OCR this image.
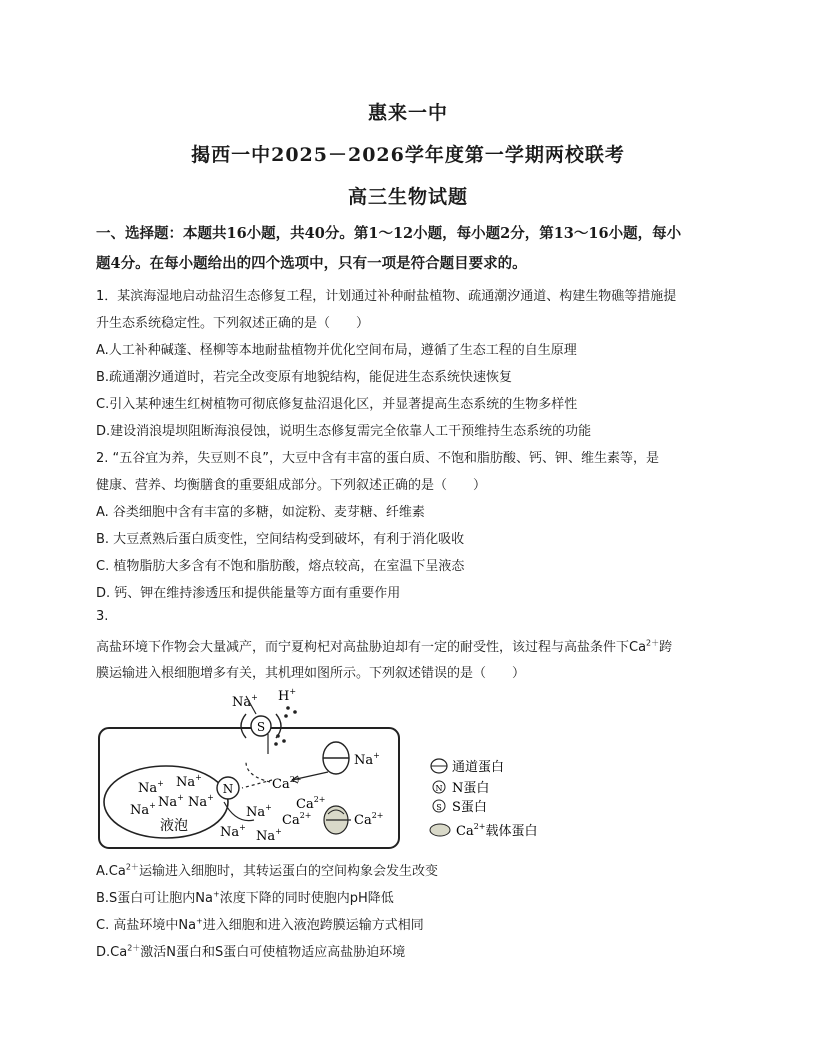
惠来一中
揭西一中2025－2026学年度第一学期两校联考
高三生物试题
一、选择题：本题共16小题，共40分。第1～12小题，每小题2分，第13～16小题，每小
题4分。在每小题给出的四个选项中，只有一项是符合题目要求的。
1．某滨海湿地启动盐沼生态修复工程，计划通过补种耐盐植物、疏通潮汐通道、构建生物礁等措施提
升生态系统稳定性。下列叙述正确的是（　　）
A.人工补种碱蓬、柽柳等本地耐盐植物并优化空间布局，遵循了生态工程的自生原理
B.疏通潮汐通道时，若完全改变原有地貌结构，能促进生态系统快速恢复
C.引入某种速生红树植物可彻底修复盐沼退化区，并显著提高生态系统的生物多样性
D.建设消浪堤坝阻断海浪侵蚀，说明生态修复需完全依靠人工干预维持生态系统的功能
2. “五谷宜为养，失豆则不良”，大豆中含有丰富的蛋白质、不饱和脂肪酸、钙、钾、维生素等，是
健康、营养、均衡膳食的重要組成部分。下列叙述正确的是（　　）
A. 谷类细胞中含有丰富的多糖，如淀粉、麦芽糖、纤维素
B. 大豆煮熟后蛋白质变性，空间结构受到破坏，有利于消化吸收
C. 植物脂肪大多含有不饱和脂肪酸，熔点较高，在室温下呈液态
D. 钙、钾在维持渗透压和提供能量等方面有重要作用
3.
高盐环境下作物会大量减产，而宁夏枸杞对高盐胁迫却有一定的耐受性，该过程与高盐条件下$Ca^{2+}$跨
膜运输进入根细胞增多有关，其机理如图所示。下列叙述错误的是（　　）
S
Na+ H+
Na+
$Ca^{2+}$
$Ca^{2+}$
$Ca^{2+}$	$Ca^{2+}$
Na+ Na+
Na+ Na+
Na+
液泡
N
Na+
Na+
Na+
通道蛋白
N N蛋白
S S蛋白
$Ca^{2+}$载体蛋白
$A.Ca^{2+}$运输进入细胞时，其转运蛋白的空间构象会发生改变
B.S蛋白可让胞内Na+浓度下降的同时使胞内pH降低
C. 高盐环境中Na+进入细胞和进入液泡跨膜运输方式相同
$D.Ca^{2+}$激活N蛋白和S蛋白可使植物适应高盐胁迫环境
